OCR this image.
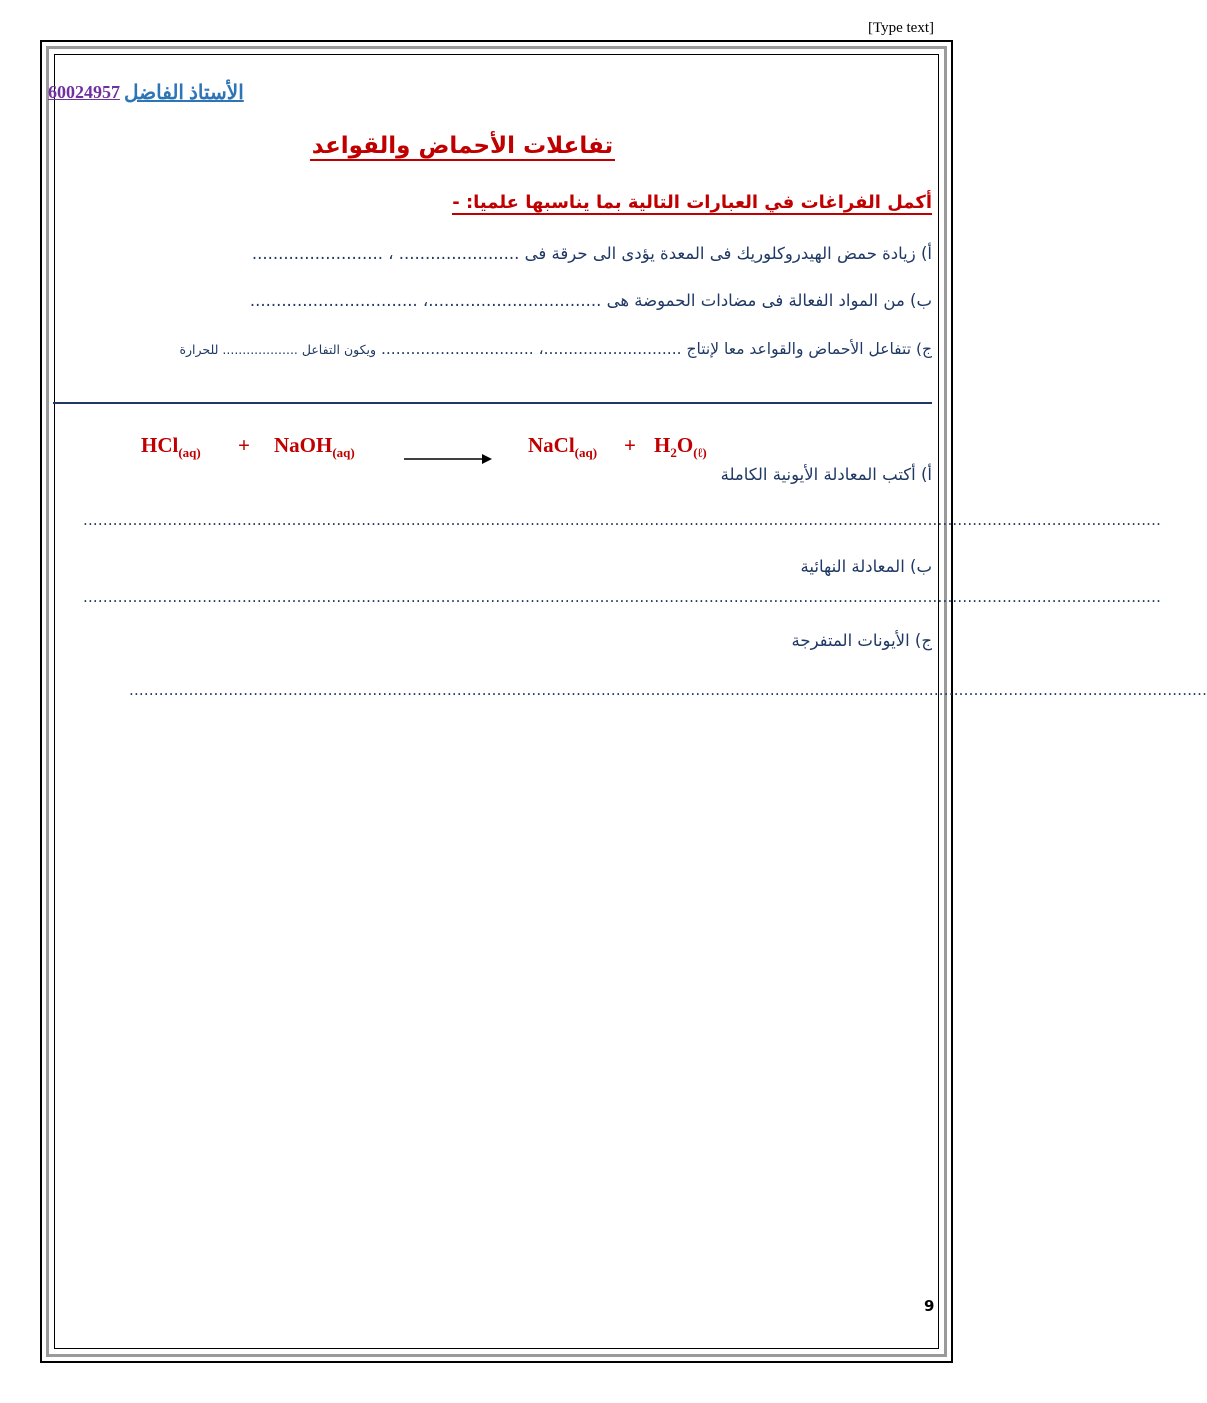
[Type text]
60024957 الأستاذ الفاضل
تفاعلات الأحماض والقواعد
أكمل الفراغات في العبارات التالية بما يناسبها علميا: -
أ) زيادة حمض الهيدروكلوريك فى المعدة يؤدى الى حرقة فى ....................... ، .........................
ب) من المواد الفعالة فى مضادات الحموضة هى .................................، ................................
ج) تتفاعل الأحماض والقواعد معا لإنتاج ............................، ............................... ويكون التفاعل ................... للحرارة
HCl$_{(aq)}$ + NaOH$_{(aq)}$	NaCl$_{(aq)}$ + $H_2O_{(\ell)}$
أ) أكتب المعادلة الأيونية الكاملة
.........................................................................................................................................................................................................................
ب) المعادلة النهائية
.........................................................................................................................................................................................................................
ج) الأيونات المتفرجة
.........................................................................................................................................................................................................................
9
